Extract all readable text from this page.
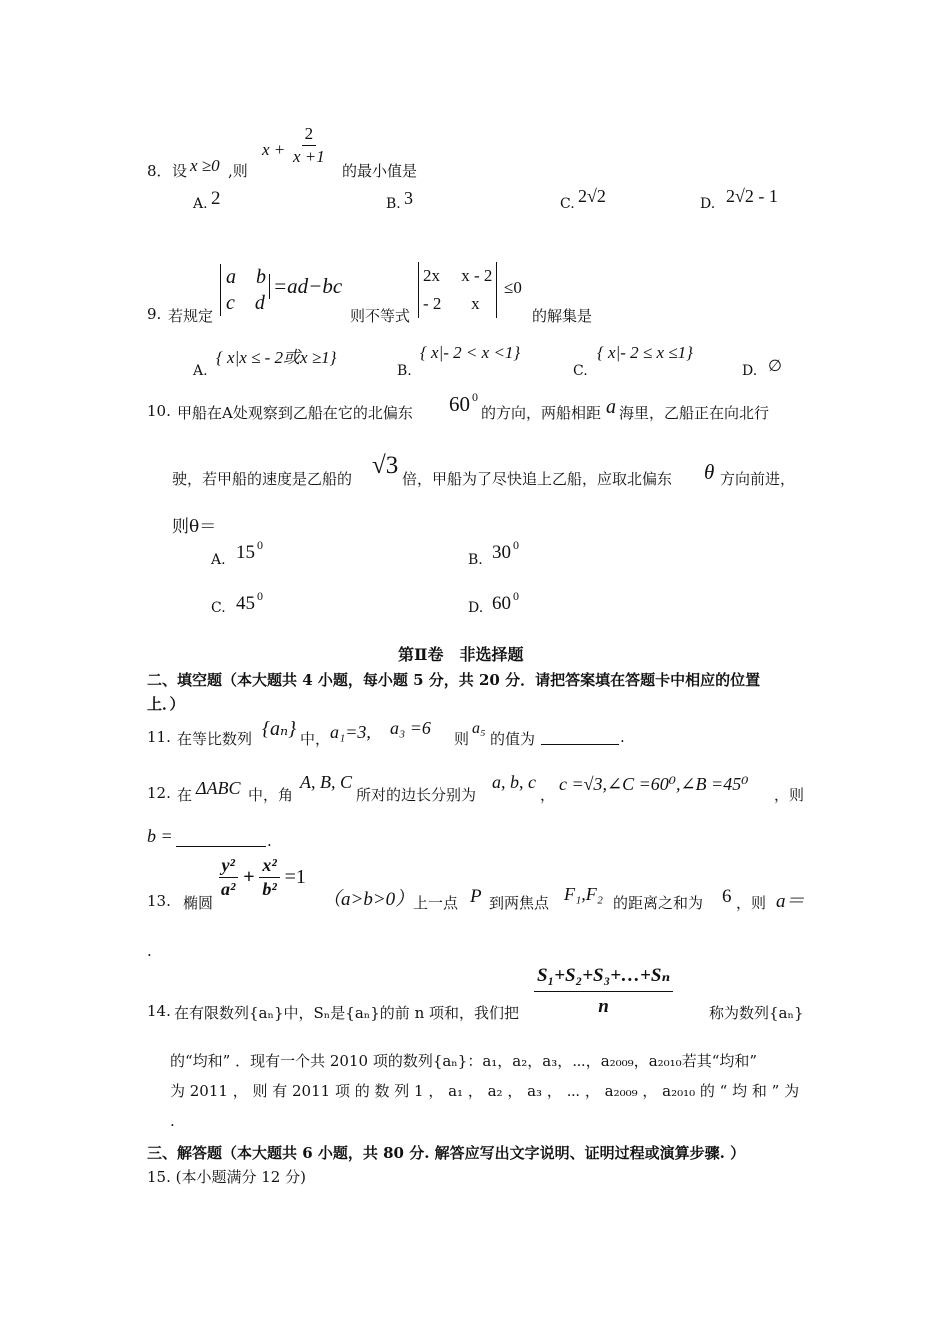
8． 设 x ≥0 ,则
$x + \frac{2}{x +1}$
的最小值是
A. 2	B. 3	C. 2√2	D. 2√2 - 1
9. 若规定
a    b
c    d
=ad−bc
则不等式
2x     x - 2
- 2       x
≤0
的解集是
A.
{ x|x ≤ - 2或x ≥1}
B.
{ x|- 2 < x <1}
C.
{ x|- 2 ≤ x ≤1}
D. ∅
10. 甲船在A处观察到乙船在它的北偏东 60 0
的方向，两船相距 a 海里，乙船正在向北行
驶，若甲船的速度是乙船的 √3 倍，甲船为了尽快追上乙船，应取北偏东 θ 方向前进，
则θ＝
A. 15 0
B. 30 0
C. 45 0
D. 60 0
第Ⅱ卷　非选择题
二、填空题（本大题共 4 小题，每小题 5 分，共 20 分．请把答案填在答题卡中相应的位置
上．）
11. 在等比数列 {aₙ} 中， a₁=3, a₃ =6
则
a₅
的值为	.
12. 在 ΔABC 中，角
A, B, C
所对的边长分别为
a, b, c
，
c =√3,∠C =60⁰,∠B =45⁰
，则
b =	.
13. 椭圆
$\frac{\text{y²}}{\text{a²}} + \frac{\text{x²}}{\text{b²}} =1$
（a>b>0）
上一点 P 到两焦点 F₁,F₂ 的距离之和为 6 ，则 a＝
.
14. 在有限数列{aₙ}中，Sₙ是{aₙ}的前 n 项和，我们把 $\frac{\text{S₁+S₂+S₃+…+Sₙ}}{n}$ 称为数列{aₙ}
的“均和” ．现有一个共 2010 项的数列{aₙ}：a₁，a₂，a₃，⋯，a₂₀₀₉，a₂₀₁₀若其“均和”
为 2011 ， 则 有 2011 项 的 数 列 1 ， a₁ ， a₂ ， a₃ ， ⋯ ， a₂₀₀₉ ， a₂₀₁₀ 的 “ 均 和 ” 为
.
三、解答题（本大题共 6 小题，共 80 分. 解答应写出文字说明、证明过程或演算步骤. ）
15. (本小题满分 12 分)
